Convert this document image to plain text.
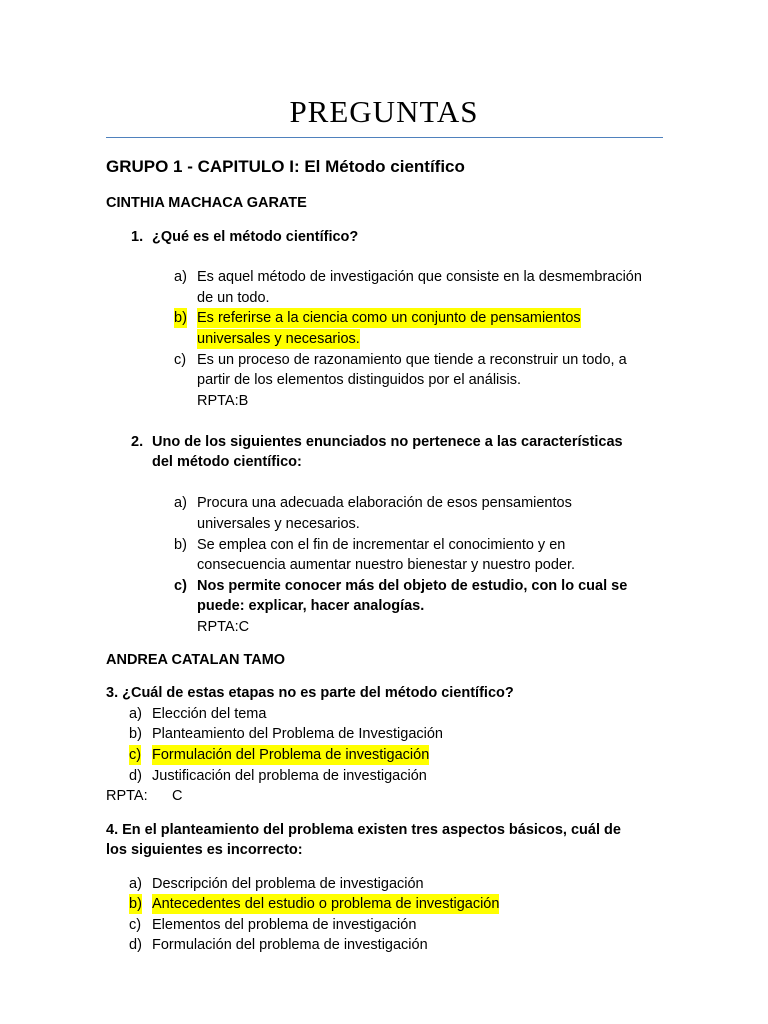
PREGUNTAS
GRUPO 1 - CAPITULO I: El Método científico
CINTHIA MACHACA GARATE
1. ¿Qué es el método científico?
a) Es aquel método de investigación que consiste en la desmembración
de un todo.
b) Es referirse a la ciencia como un conjunto de pensamientos
universales y necesarios.
c) Es un proceso de razonamiento que tiende a reconstruir un todo, a
partir de los elementos distinguidos por el análisis.
RPTA:B
2. Uno de los siguientes enunciados no pertenece a las características
del método científico:
a) Procura una adecuada elaboración de esos pensamientos
universales y necesarios.
b) Se emplea con el fin de incrementar el conocimiento y en
consecuencia aumentar nuestro bienestar y nuestro poder.
c) Nos permite conocer más del objeto de estudio, con lo cual se
puede: explicar, hacer analogías.
RPTA:C
ANDREA CATALAN TAMO
3. ¿Cuál de estas etapas no es parte del método científico?
a) Elección del tema
b) Planteamiento del Problema de Investigación
c) Formulación del Problema de investigación
d) Justificación del problema de investigación
RPTA: C
4. En el planteamiento del problema existen tres aspectos básicos, cuál de
los siguientes es incorrecto:
a) Descripción del problema de investigación
b) Antecedentes del estudio o problema de investigación
c) Elementos del problema de investigación
d) Formulación del problema de investigación
